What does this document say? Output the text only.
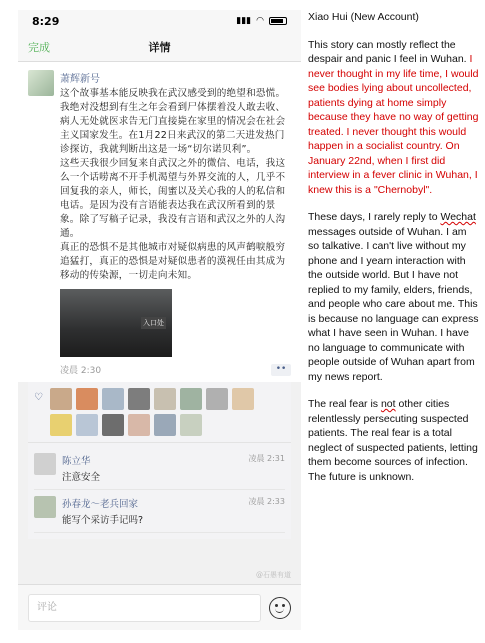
8:29	▮▮▮ ◠
完成	详情
萧辉新号
这个故事基本能反映我在武汉感受到的绝望和恐慌。我绝对没想到有生之年会看到尸体摆着没人敢去收、病人无处就医求告无门直接毙在家里的情况会在社会主义国家发生。在1月22日来武汉的第二天进发热门诊探访，我就判断出这是一场“切尔诺贝利”。
这些天我很少回复来自武汉之外的微信、电话，我这么一个话唠离不开手机渴望与外界交流的人，几乎不回复我的亲人，师长，闺蜜以及关心我的人的私信和电话。是因为没有言语能表达我在武汉所看到的景象。除了写稿子记录，我没有言语和武汉之外的人沟通。
真正的恐惧不是其他城市对疑似病患的风声鹤唳般穷追猛打，真正的恐惧是对疑似患者的漠视任由其成为移动的传染源，一切走向未知。
入口处
凌晨 2:30	••
♡
陈立华	凌晨 2:31
注意安全
孙春龙～老兵回家	凌晨 2:33
能写个采访手记吗?
@石愚有道
评论

Xiao Hui (New Account)

This story can mostly reflect the despair and panic I feel in Wuhan. I never thought in my life time, I would see bodies lying about uncollected, patients dying at home simply because they have no way of getting treated. I never thought this would happen in a socialist country. On January 22nd, when I first did interview in a fever clinic in Wuhan, I knew this is a "Chernobyl".

These days, I rarely reply to Wechat messages outside of Wuhan. I am so talkative. I can't live without my phone and I yearn interaction with the outside world. But I have not replied to my family, elders, friends, and people who care about me. This is because no language can express what I have seen in Wuhan. I have no language to communicate with people outside of Wuhan apart from my news report.

The real fear is not other cities relentlessly persecuting suspected patients. The real fear is a total neglect of suspected patients, letting them become sources of infection. The future is unknown.
